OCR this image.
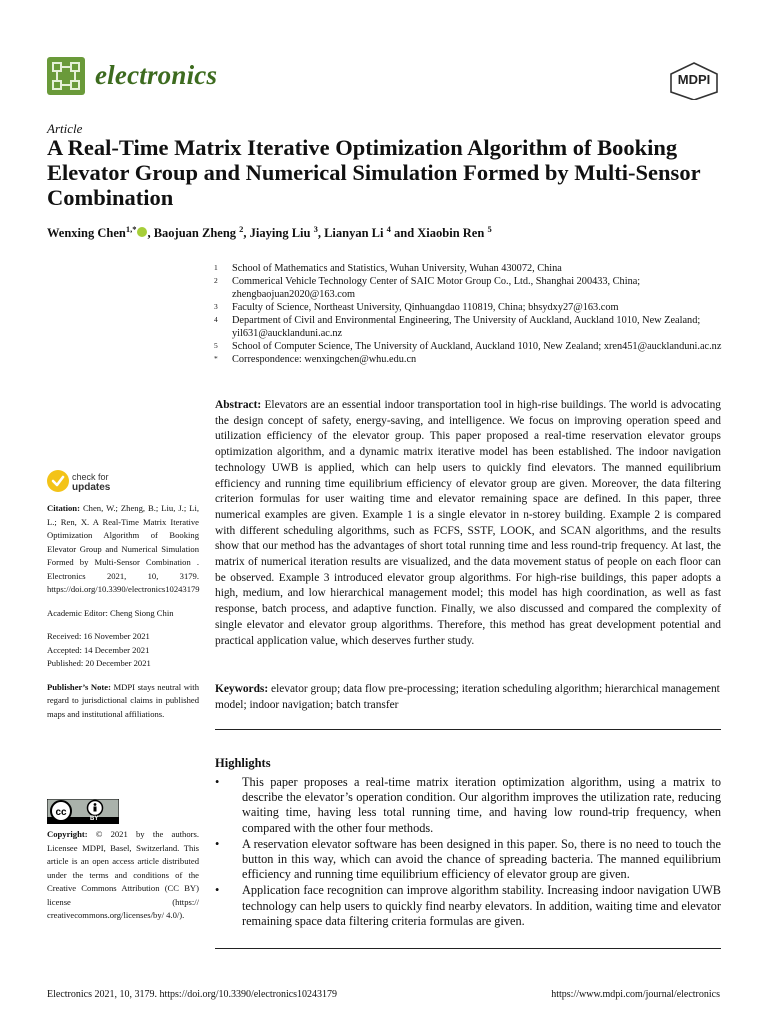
electronics	MDPI
Article
A Real-Time Matrix Iterative Optimization Algorithm of Booking Elevator Group and Numerical Simulation Formed by Multi-Sensor Combination
Wenxing Chen$^{1,*}$ , Baojuan Zheng $^2$, Jiaying Liu $^3$, Lianyan Li $^4$ and Xiaobin Ren $^5$
1	School of Mathematics and Statistics, Wuhan University, Wuhan 430072, China
2	Commerical Vehicle Technology Center of SAIC Motor Group Co., Ltd., Shanghai 200433, China; zhengbaojuan2020@163.com
3	Faculty of Science, Northeast University, Qinhuangdao 110819, China; bhsydxy27@163.com
4	Department of Civil and Environmental Engineering, The University of Auckland, Auckland 1010, New Zealand; yil631@aucklanduni.ac.nz
5	School of Computer Science, The University of Auckland, Auckland 1010, New Zealand; xren451@aucklanduni.ac.nz
*	Correspondence: wenxingchen@whu.edu.cn
Abstract: Elevators are an essential indoor transportation tool in high-rise buildings. The world is advocating the design concept of safety, energy-saving, and intelligence. We focus on improving operation speed and utilization efficiency of the elevator group. This paper proposed a real-time reservation elevator groups optimization algorithm, and a dynamic matrix iterative model has been established. The indoor navigation technology UWB is applied, which can help users to quickly find elevators. The manned equilibrium efficiency and running time equilibrium efficiency of elevator group are given. Moreover, the data filtering criterion formulas for user waiting time and elevator remaining space are defined. In this paper, three numerical examples are given. Example 1 is a single elevator in n-storey building. Example 2 is compared with different scheduling algorithms, such as FCFS, SSTF, LOOK, and SCAN algorithms, and the results show that our method has the advantages of short total running time and less round-trip frequency. At last, the matrix of numerical iteration results are visualized, and the data movement status of people on each floor can be observed. Example 3 introduced elevator group algorithms. For high-rise buildings, this paper adopts a high, medium, and low hierarchical management model; this model has high coordination, as well as fast response, batch process, and adaptive function. Finally, we also discussed and compared the complexity of single elevator and elevator group algorithms. Therefore, this method has great development potential and practical application value, which deserves further study.
Keywords: elevator group; data flow pre-processing; iteration scheduling algorithm; hierarchical management model; indoor navigation; batch transfer
Highlights
•	This paper proposes a real-time matrix iteration optimization algorithm, using a matrix to describe the elevator’s operation condition. Our algorithm improves the utilization rate, reducing waiting time, having less total running time, and having low round-trip frequency, when compared with the other four methods.
•	A reservation elevator software has been designed in this paper. So, there is no need to touch the button in this way, which can avoid the chance of spreading bacteria. The manned equilibrium efficiency and running time equilibrium efficiency of elevator group are given.
•	Application face recognition can improve algorithm stability. Increasing indoor navigation UWB technology can help users to quickly find nearby elevators. In addition, waiting time and elevator remaining space data filtering criteria formulas are given.
check for
updates
Citation: Chen, W.; Zheng, B.; Liu, J.; Li, L.; Ren, X. A Real-Time Matrix Iterative Optimization Algorithm of Booking Elevator Group and Numerical Simulation Formed by Multi-Sensor Combination . Electronics 2021, 10, 3179. https://doi.org/10.3390/electronics10243179
Academic Editor: Cheng Siong Chin
Received: 16 November 2021
Accepted: 14 December 2021
Published: 20 December 2021
Publisher’s Note: MDPI stays neutral with regard to jurisdictional claims in published maps and institutional affiliations.
cc
BY
Copyright: © 2021 by the authors. Licensee MDPI, Basel, Switzerland. This article is an open access article distributed under the terms and conditions of the Creative Commons Attribution (CC BY) license (https:// creativecommons.org/licenses/by/ 4.0/).
Electronics 2021, 10, 3179. https://doi.org/10.3390/electronics10243179	https://www.mdpi.com/journal/electronics
